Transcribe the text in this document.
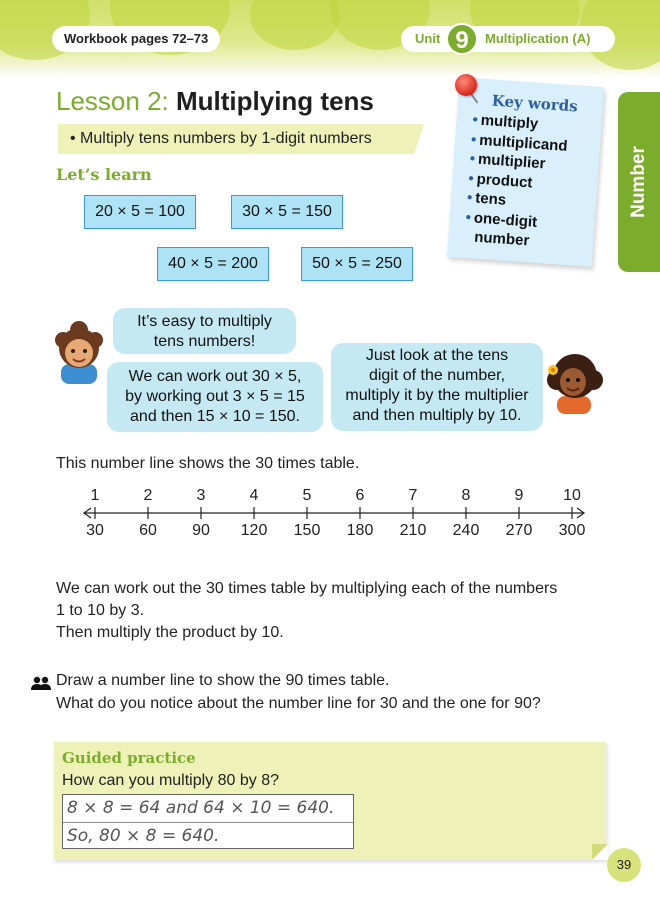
Workbook pages 72–73	Unit 9	Multiplication (A)
Number
Lesson 2: Multiplying tens
• Multiply tens numbers by 1-digit numbers
Let’s learn
20 × 5 = 100	30 × 5 = 150
40 × 5 = 200	50 × 5 = 250
Key words
• multiply
• multiplicand
• multiplier
• product
• tens
• one-digit
number
It’s easy to multiply
tens numbers!
We can work out 30 × 5,
by working out 3 × 5 = 15
and then 15 × 10 = 150.
Just look at the tens
digit of the number,
multiply it by the multiplier
and then multiply by 10.
This number line shows the 30 times table.
1
30
2
60
3
90
4
120
5
150
6
180
7
210
8
240
9
270
10
300
We can work out the 30 times table by multiplying each of the numbers
1 to 10 by 3.
Then multiply the product by 10.
Draw a number line to show the 90 times table.
What do you notice about the number line for 30 and the one for 90?
Guided practice
How can you multiply 80 by 8?
8 × 8 = 64 and 64 × 10 = 640.
So, 80 × 8 = 640.
39
